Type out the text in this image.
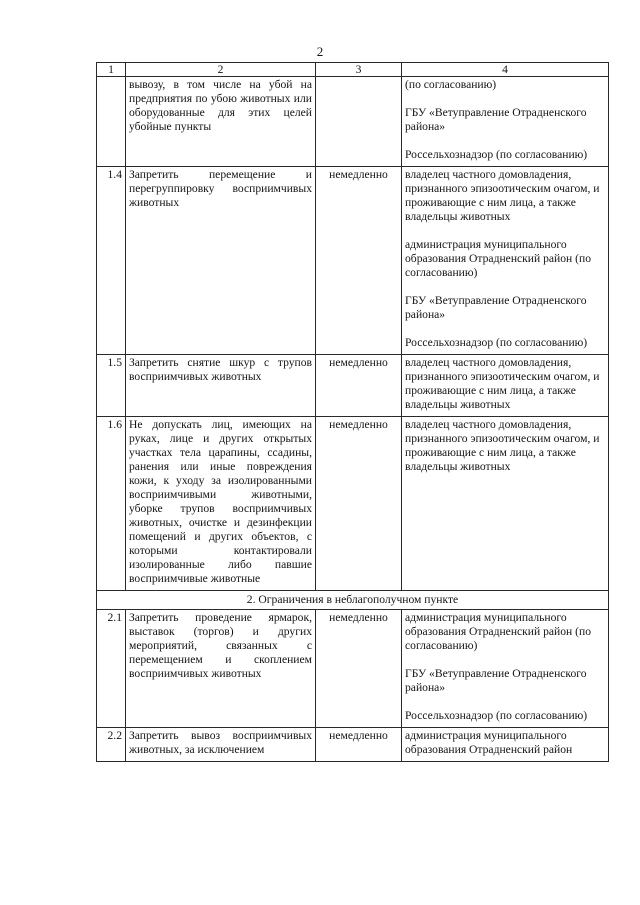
2
1	2	3	4
	вывозу, в том числе на убой на предприятия по убою животных или оборудованные для этих целей убойные пункты		(по согласованию)
ГБУ «Ветуправление Отрадненского района»
Россельхознадзор (по согласованию)

1.4	Запретить перемещение и перегруппировку восприимчивых животных	немедленно	владелец частного домовладения, признанного эпизоотическим очагом, и проживающие с ним лица, а также владельцы животных
администрация муниципального образования Отрадненский район (по согласованию)
ГБУ «Ветуправление Отрадненского района»
Россельхознадзор (по согласованию)

1.5	Запретить снятие шкур с трупов восприимчивых животных	немедленно	владелец частного домовладения, признанного эпизоотическим очагом, и проживающие с ним лица, а также владельцы животных

1.6	Не допускать лиц, имеющих на руках, лице и других открытых участках тела царапины, ссадины, ранения или иные повреждения кожи, к уходу за изолированными восприимчивыми животными, уборке трупов восприимчивых животных, очистке и дезинфекции помещений и других объектов, с которыми контактировали изолированные либо павшие восприимчивые животные	немедленно	владелец частного домовладения, признанного эпизоотическим очагом, и проживающие с ним лица, а также владельцы животных

2. Ограничения в неблагополучном пункте			
2.1	Запретить проведение ярмарок, выставок (торгов) и других мероприятий, связанных с перемещением и скоплением восприимчивых животных	немедленно	администрация муниципального образования Отрадненский район (по согласованию)
ГБУ «Ветуправление Отрадненского района»
Россельхознадзор (по согласованию)

2.2	Запретить вывоз восприимчивых животных, за исключением	немедленно	администрация муниципального образования Отрадненский район
